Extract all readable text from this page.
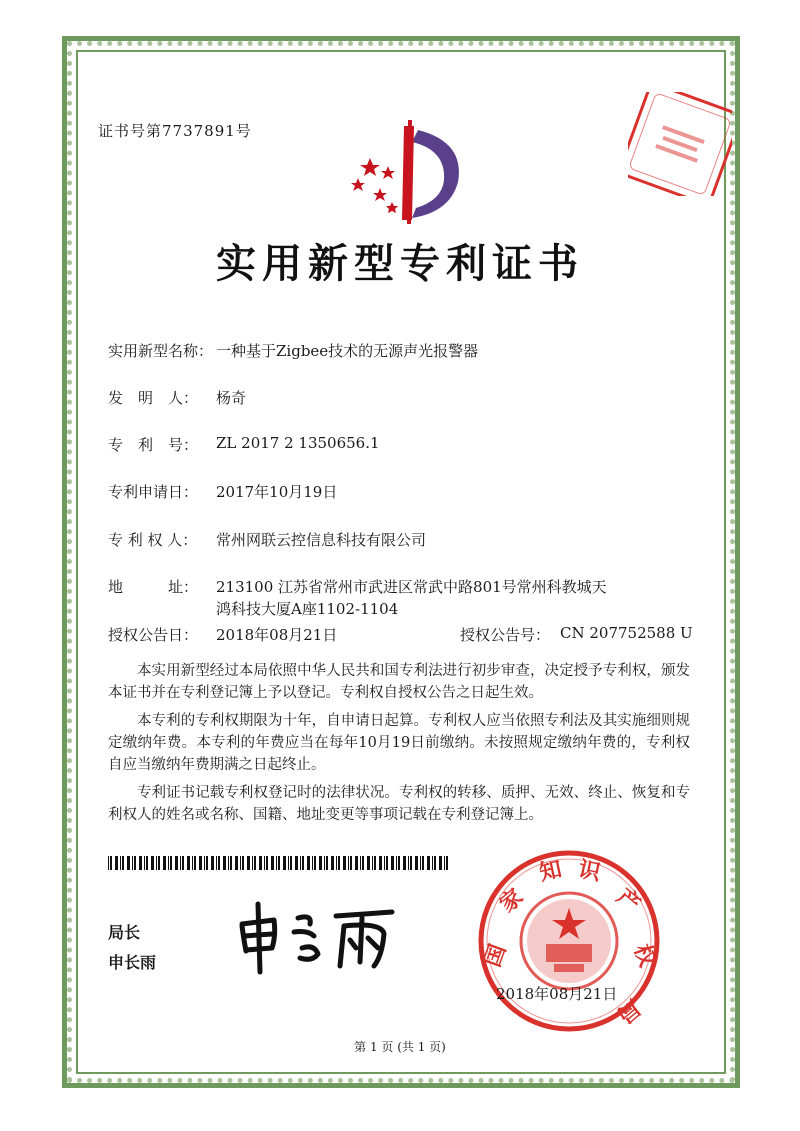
证书号第7737891号
实用新型专利证书
实用新型名称： 一种基于Zigbee技术的无源声光报警器
发　明　人： 杨奇
专　利　号： ZL 2017 2 1350656.1
专利申请日： 2017年10月19日
专 利 权 人： 常州网联云控信息科技有限公司
地　　　址： 213100 江苏省常州市武进区常武中路801号常州科教城天
鸿科技大厦A座1102-1104
授权公告日： 2018年08月21日	授权公告号： CN 207752588 U
本实用新型经过本局依照中华人民共和国专利法进行初步审查，决定授予专利权，颁发本证书并在专利登记簿上予以登记。专利权自授权公告之日起生效。
本专利的专利权期限为十年，自申请日起算。专利权人应当依照专利法及其实施细则规定缴纳年费。本专利的年费应当在每年10月19日前缴纳。未按照规定缴纳年费的，专利权自应当缴纳年费期满之日起终止。
专利证书记载专利权登记时的法律状况。专利权的转移、质押、无效、终止、恢复和专利权人的姓名或名称、国籍、地址变更等事项记载在专利登记簿上。
局长
申长雨	国
家
知 识
产
权
局
2018年08月21日
第 1 页 (共 1 页)
